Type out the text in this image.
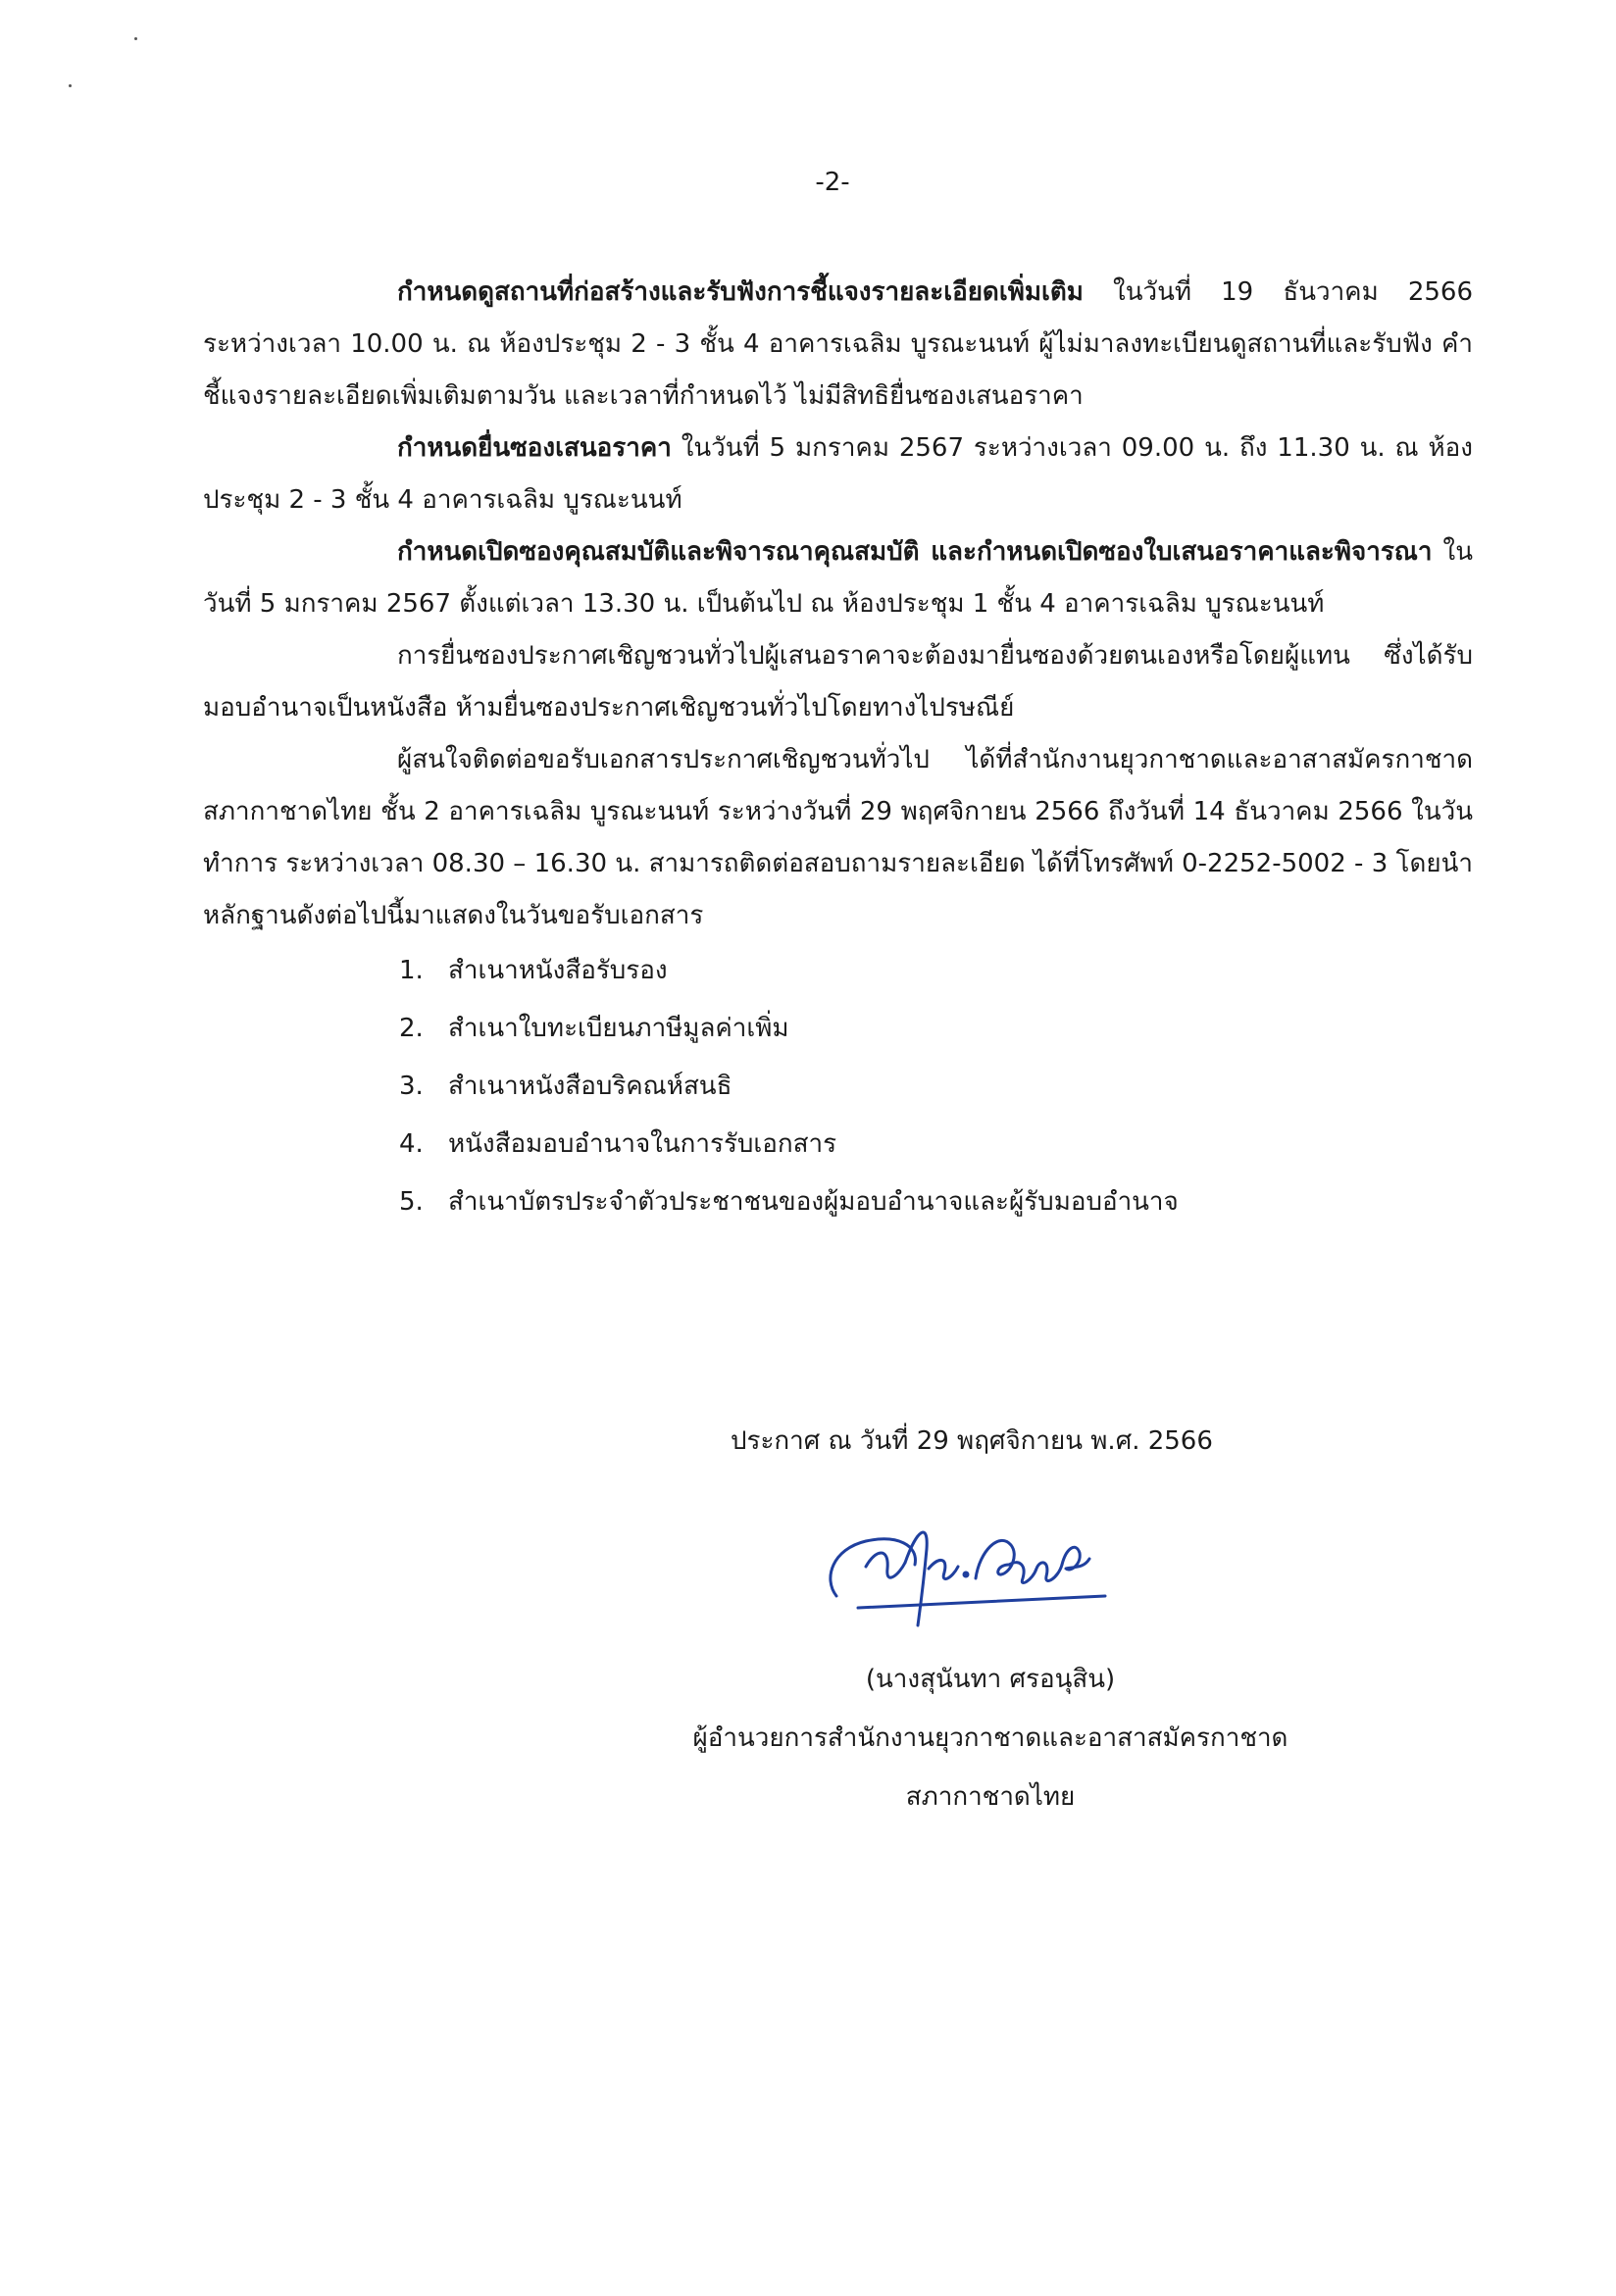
-2-

กำหนดดูสถานที่ก่อสร้างและรับฟังการชี้แจงรายละเอียดเพิ่มเติม ในวันที่ 19 ธันวาคม 2566 ระหว่างเวลา 10.00 น. ณ ห้องประชุม 2 - 3 ชั้น 4 อาคารเฉลิม บูรณะนนท์ ผู้ไม่มาลงทะเบียนดูสถานที่และรับฟัง คำชี้แจงรายละเอียดเพิ่มเติมตามวัน และเวลาที่กำหนดไว้ ไม่มีสิทธิยื่นซองเสนอราคา

กำหนดยื่นซองเสนอราคา ในวันที่ 5 มกราคม 2567 ระหว่างเวลา 09.00 น. ถึง 11.30 น. ณ ห้องประชุม 2 - 3 ชั้น 4 อาคารเฉลิม บูรณะนนท์

กำหนดเปิดซองคุณสมบัติและพิจารณาคุณสมบัติ และกำหนดเปิดซองใบเสนอราคาและพิจารณา ในวันที่ 5 มกราคม 2567 ตั้งแต่เวลา 13.30 น. เป็นต้นไป ณ ห้องประชุม 1 ชั้น 4 อาคารเฉลิม บูรณะนนท์

การยื่นซองประกาศเชิญชวนทั่วไปผู้เสนอราคาจะต้องมายื่นซองด้วยตนเองหรือโดยผู้แทน ซึ่งได้รับมอบอำนาจเป็นหนังสือ ห้ามยื่นซองประกาศเชิญชวนทั่วไปโดยทางไปรษณีย์

ผู้สนใจติดต่อขอรับเอกสารประกาศเชิญชวนทั่วไป ได้ที่สำนักงานยุวกาชาดและอาสาสมัครกาชาด สภากาชาดไทย ชั้น 2 อาคารเฉลิม บูรณะนนท์ ระหว่างวันที่ 29 พฤศจิกายน 2566 ถึงวันที่ 14 ธันวาคม 2566 ในวันทำการ ระหว่างเวลา 08.30 – 16.30 น. สามารถติดต่อสอบถามรายละเอียด ได้ที่โทรศัพท์ 0-2252-5002 - 3 โดยนำหลักฐานดังต่อไปนี้มาแสดงในวันขอรับเอกสาร

1. สำเนาหนังสือรับรอง
2. สำเนาใบทะเบียนภาษีมูลค่าเพิ่ม
3. สำเนาหนังสือบริคณห์สนธิ
4. หนังสือมอบอำนาจในการรับเอกสาร
5. สำเนาบัตรประจำตัวประชาชนของผู้มอบอำนาจและผู้รับมอบอำนาจ
ประกาศ ณ วันที่ 29 พฤศจิกายน พ.ศ. 2566
(นางสุนันทา ศรอนุสิน)
ผู้อำนวยการสำนักงานยุวกาชาดและอาสาสมัครกาชาด
สภากาชาดไทย
